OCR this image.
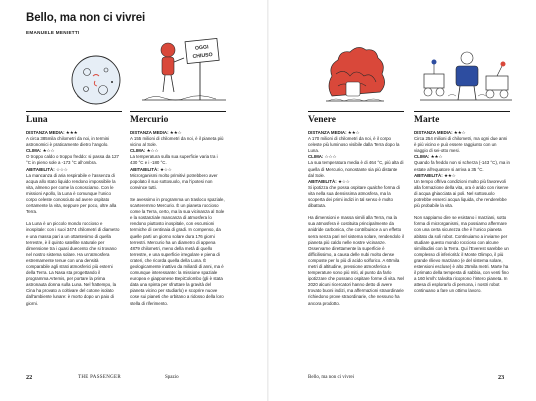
Bello, ma non ci vivrei
EMANUELE MENIETTI
OGGI
CHIUSO
Luna

DISTANZA MEDIA: ★★★

A circa 385mila chilometri da noi, in termini astronomici è praticamente dietro l’angolo.

CLIMA: ★☆☆

O troppo caldo o troppo freddo: si passa da 127 °C in pieno sole a -173 °C all’ombra.

ABITABILITÀ: ☆☆☆

La mancanza di aria respirabile e l’assenza di acqua allo stato liquido rendono impossibile la vita, almeno per come la conosciamo. Con le missioni Apollo, la Luna è comunque l’unico corpo celeste conosciuto ad avere ospitato certamente la vita, seppure per poco, oltre alla Terra.

La Luna è un piccolo mondo roccioso e inospitale: con i suoi 3474 chilometri di diametro e una massa pari a un ottantesimo di quella terrestre, è il quinto satellite naturale per dimensione tra i quasi duecento che si trovano nel nostro sistema solare. Ha un’atmosfera estremamente tenue con una densità comparabile agli strati atmosferici più esterni della Terra. La Nasa sta progettando il programma Artemis, per portare la prima astronauta donna sulla Luna. Nel frattempo, la Cina ha provato a coltivare del cotone isolato dall’ambiente lunare: è morto dopo un paio di giorni.

Mercurio

DISTANZA MEDIA: ★★☆

A 155 milioni di chilometri da noi, è il pianeta più vicino al Sole.

CLIMA: ★☆☆

La temperatura sulla sua superficie varia tra i 430 °C e i -180 °C.

ABITABILITÀ: ★☆☆

Microrganismi molto primitivi potrebbero aver popolato il suo sottosuolo, ma l’ipotesi non convince tutti.

Se avessimo in programma un trasloco spaziale, scarteremmo Mercurio. È un pianeta roccioso come la Terra, certo, ma la sua vicinanza al Sole e la sostanziale mancanza di atmosfera lo rendono piuttosto inospitale, con escursioni termiche di centinaia di gradi. In compenso, da quelle parti un giorno solare dura 176 giorni terrestri. Mercurio ha un diametro di appena 4879 chilometri, meno della metà di quello terrestre, e una superficie irregolare e piena di crateri, che ricorda quella della Luna. È geologicamente inattivo da miliardi di anni, ma è comunque interessante: la missione spaziale europea e giapponese BepiColombo (gli è stata data una spinta per sfruttare la gravità del pianeta vicino per studiarlo) e scoprire nuove cose sui pianeti che orbitano a ridosso della loro stella di riferimento.

Venere

DISTANZA MEDIA: ★★☆

A 170 milioni di chilometri da noi, è il corpo celeste più luminoso visibile dalla Terra dopo la Luna.

CLIMA: ☆☆☆

La sua temperatura media è di 464 °C, più alta di quella di Mercurio, nonostante sia più distante dal Sole.

ABITABILITÀ: ★☆☆

Si ipotizza che possa ospitare qualche forma di vita nella sua densissima atmosfera, ma la scoperta dei primi indizi in tal senso è molto dibattuta.

Ha dimensioni e massa simili alla Terra, ma la sua atmosfera è costituita principalmente da anidride carbonica, che contribuisce a un effetto serra senza pari nel sistema solare, rendendolo il pianeta più caldo nelle nostre vicinanze. Osservarne direttamente la superficie è difficilissimo, a causa delle nubi molto dense composte per lo più di acido solforico. A 60mila metri di altitudine, pressione atmosferica e temperature sono più miti, al punto da farlo ipotizzare che possano ospitare forme di vita. Nel 2020 alcuni ricercatori hanno detto di avere trovato buoni indizi, ma affermazioni straordinarie richiedono prove straordinarie, che nessuno ha ancora prodotto.

Marte

DISTANZA MEDIA: ★★☆

Circa 254 milioni di chilometri, ma ogni due anni è più vicino e può essere raggiunto con un viaggio di sei-otto mesi.

CLIMA: ★★☆

Quando fa freddo non si scherza (-143 °C), ma in estate all’equatore si arriva a 35 °C.

ABITABILITÀ: ★★☆

Un tempo offriva condizioni molto più favorevoli alla formazione della vita, ora è arido con riserve di acqua ghiacciata ai poli. Nel sottosuolo potrebbe esserci acqua liquida, che renderebbe più probabile la vita.

Non sappiamo dire se esistano i marziani, sotto forma di microrganismi, ma possiamo affermare con una certa sicurezza che è l’unico pianeta abitato da soli robot. Continuiamo a inviarne per studiare questo mondo roccioso con alcune similitudini con la Terra. Qui l’Everest sarebbe un complesso di inferiorità: il Monte Olimpo, il più grande rilievo marziano (e del sistema solare, estensioni escluse) è alto 25mila metri. Marte ha il primato della tempesta di sabbia, con venti fino a 160 km/h: talvolta ricoprono l’intero pianeta. In attesa di esplorarlo di persona, i nostri robot continuano a fare un ottimo lavoro.

22	THE PASSENGER	Spazio	Bello, ma non ci vivrei	23
